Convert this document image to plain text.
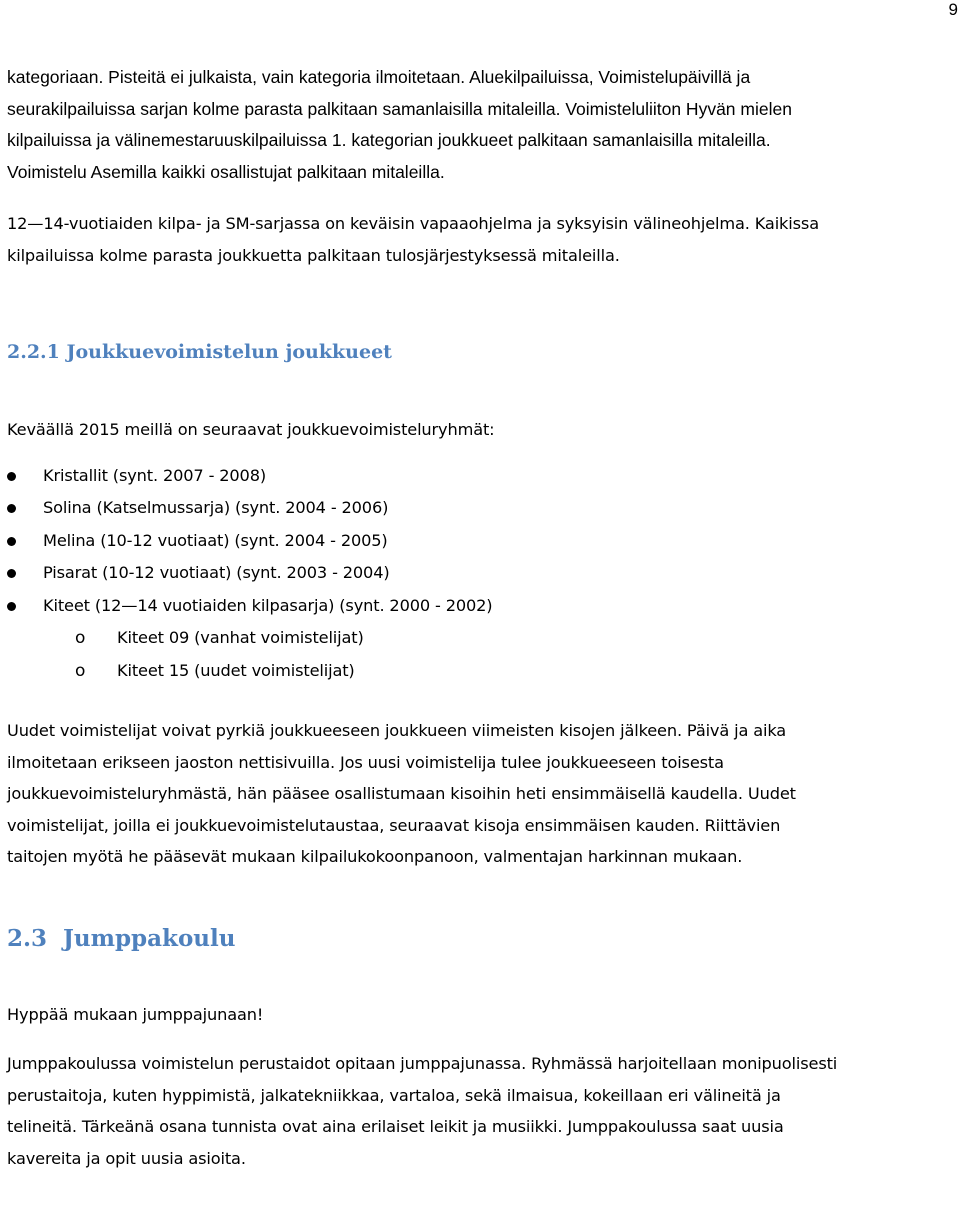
9

kategoriaan. Pisteitä ei julkaista, vain kategoria ilmoitetaan. Aluekilpailuissa, Voimistelupäivillä ja

seurakilpailuissa sarjan kolme parasta palkitaan samanlaisilla mitaleilla. Voimisteluliiton Hyvän mielen

kilpailuissa ja välinemestaruuskilpailuissa 1. kategorian joukkueet palkitaan samanlaisilla mitaleilla.

Voimistelu Asemilla kaikki osallistujat palkitaan mitaleilla.

12—14-vuotiaiden kilpa- ja SM-sarjassa on keväisin vapaaohjelma ja syksyisin välineohjelma. Kaikissa

kilpailuissa kolme parasta joukkuetta palkitaan tulosjärjestyksessä mitaleilla.

2.2.1 Joukkuevoimistelun joukkueet

Keväällä 2015 meillä on seuraavat joukkuevoimisteluryhmät:

Kristallit (synt. 2007 - 2008)
Solina (Katselmussarja) (synt. 2004 - 2006)
Melina (10-12 vuotiaat) (synt. 2004 - 2005)
Pisarat (10-12 vuotiaat) (synt. 2003 - 2004)
Kiteet (12—14 vuotiaiden kilpasarja) (synt. 2000 - 2002)
o Kiteet 09 (vanhat voimistelijat)
o Kiteet 15 (uudet voimistelijat)

Uudet voimistelijat voivat pyrkiä joukkueeseen joukkueen viimeisten kisojen jälkeen. Päivä ja aika

ilmoitetaan erikseen jaoston nettisivuilla. Jos uusi voimistelija tulee joukkueeseen toisesta

joukkuevoimisteluryhmästä, hän pääsee osallistumaan kisoihin heti ensimmäisellä kaudella. Uudet

voimistelijat, joilla ei joukkuevoimistelutaustaa, seuraavat kisoja ensimmäisen kauden. Riittävien

taitojen myötä he pääsevät mukaan kilpailukokoonpanoon, valmentajan harkinnan mukaan.

2.3 Jumppakoulu

Hyppää mukaan jumppajunaan!

Jumppakoulussa voimistelun perustaidot opitaan jumppajunassa. Ryhmässä harjoitellaan monipuolisesti

perustaitoja, kuten hyppimistä, jalkatekniikkaa, vartaloa, sekä ilmaisua, kokeillaan eri välineitä ja

telineitä. Tärkeänä osana tunnista ovat aina erilaiset leikit ja musiikki. Jumppakoulussa saat uusia

kavereita ja opit uusia asioita.
